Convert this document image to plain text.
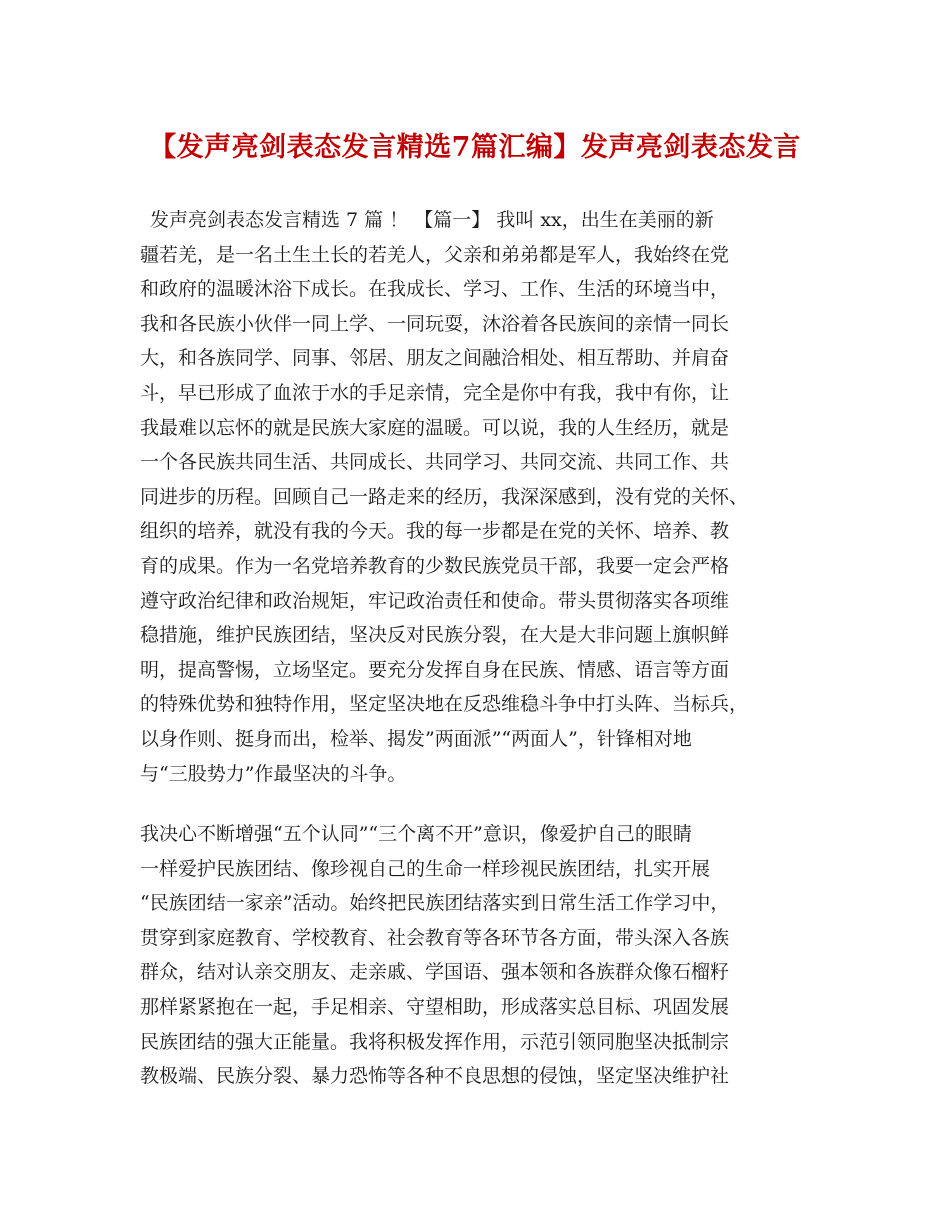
【发声亮剑表态发言精选7篇汇编】发声亮剑表态发言
发声亮剑表态发言精选 7 篇 ！ 【篇一】 我叫 xx，出生在美丽的新
疆若羌，是一名土生土长的若羌人，父亲和弟弟都是军人，我始终在党
和政府的温暖沐浴下成长。在我成长、学习、工作、生活的环境当中，
我和各民族小伙伴一同上学、一同玩耍，沐浴着各民族间的亲情一同长
大，和各族同学、同事、邻居、朋友之间融洽相处、相互帮助、并肩奋
斗，早已形成了血浓于水的手足亲情，完全是你中有我，我中有你，让
我最难以忘怀的就是民族大家庭的温暖。可以说，我的人生经历，就是
一个各民族共同生活、共同成长、共同学习、共同交流、共同工作、共
同进步的历程。回顾自己一路走来的经历，我深深感到，没有党的关怀、
组织的培养，就没有我的今天。我的每一步都是在党的关怀、培养、教
育的成果。作为一名党培养教育的少数民族党员干部，我要一定会严格
遵守政治纪律和政治规矩，牢记政治责任和使命。带头贯彻落实各项维
稳措施，维护民族团结，坚决反对民族分裂，在大是大非问题上旗帜鲜
明，提高警惕，立场坚定。要充分发挥自身在民族、情感、语言等方面
的特殊优势和独特作用，坚定坚决地在反恐维稳斗争中打头阵、当标兵，
以身作则、挺身而出，检举、揭发”两面派”“两面人”，针锋相对地
与“三股势力”作最坚决的斗争。
我决心不断增强“五个认同”“三个离不开”意识，像爱护自己的眼睛
一样爱护民族团结、像珍视自己的生命一样珍视民族团结，扎实开展
“民族团结一家亲”活动。始终把民族团结落实到日常生活工作学习中，
贯穿到家庭教育、学校教育、社会教育等各环节各方面，带头深入各族
群众，结对认亲交朋友、走亲戚、学国语、强本领和各族群众像石榴籽
那样紧紧抱在一起，手足相亲、守望相助，形成落实总目标、巩固发展
民族团结的强大正能量。我将积极发挥作用，示范引领同胞坚决抵制宗
教极端、民族分裂、暴力恐怖等各种不良思想的侵蚀，坚定坚决维护社
